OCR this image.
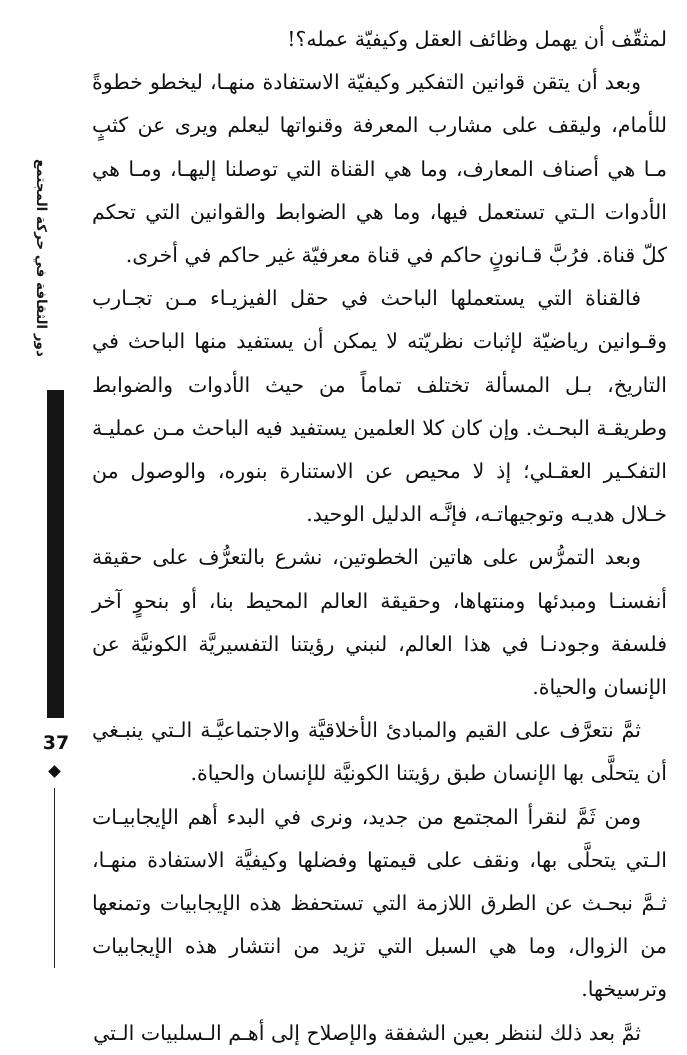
دور الثقافة في حركة المجتمع
37

لمثقّف أن يهمل وظائف العقل وكيفيّة عمله؟!

وبعد أن يتقن قوانين التفكير وكيفيّة الاستفادة منهـا، ليخطو خطوةً للأمام، وليقف على مشارب المعرفة وقنواتها ليعلم ويرى عن كثبٍ مـا هي أصناف المعارف، وما هي القناة التي توصلنا إليهـا، ومـا هي الأدوات الـتي تستعمل فيها، وما هي الضوابط والقوانين التي تحكم كلّ قناة. فرُبَّ قـانونٍ حاكم في قناة معرفيّة غير حاكم في أخرى.

فالقناة التي يستعملها الباحث في حقل الفيزيـاء مـن تجـارب وقـوانين رياضيّة لإثبات نظريّته لا يمكن أن يستفيد منها الباحث في التاريخ، بـل المسألة تختلف تماماً من حيث الأدوات والضوابط وطريقـة البحـث. وإن كان كلا العلمين يستفيد فيه الباحث مـن عمليـة التفكـير العقـلي؛ إذ لا محيص عن الاستنارة بنوره، والوصول من خـلال هديـه وتوجيهاتـه، فإنَّـه الدليل الوحيد.

وبعد التمرُّس على هاتين الخطوتين، نشرع بالتعرُّف على حقيقة أنفسنـا ومبدئها ومنتهاها، وحقيقة العالم المحيط بنا، أو بنحوٍ آخر فلسفة وجودنـا في هذا العالم، لنبني رؤيتنا التفسيريَّة الكونيَّة عن الإنسان والحياة.

ثمَّ نتعرَّف على القيم والمبادئ الأخلاقيَّة والاجتماعيَّـة الـتي ينبـغي أن يتحلَّى بها الإنسان طبق رؤيتنا الكونيَّة للإنسان والحياة.

ومن ثَمَّ لنقرأ المجتمع من جديد، ونرى في البدء أهم الإيجابيـات الـتي يتحلَّى بها، ونقف على قيمتها وفضلها وكيفيَّة الاستفادة منهـا، ثـمَّ نبحـث عن الطرق اللازمة التي تستحفظ هذه الإيجابيات وتمنعها من الزوال، وما هي السبل التي تزيد من انتشار هذه الإيجابيات وترسيخها.

ثمَّ بعد ذلك لننظر بعين الشفقة والإصلاح إلى أهـم الـسلبيات الـتي
